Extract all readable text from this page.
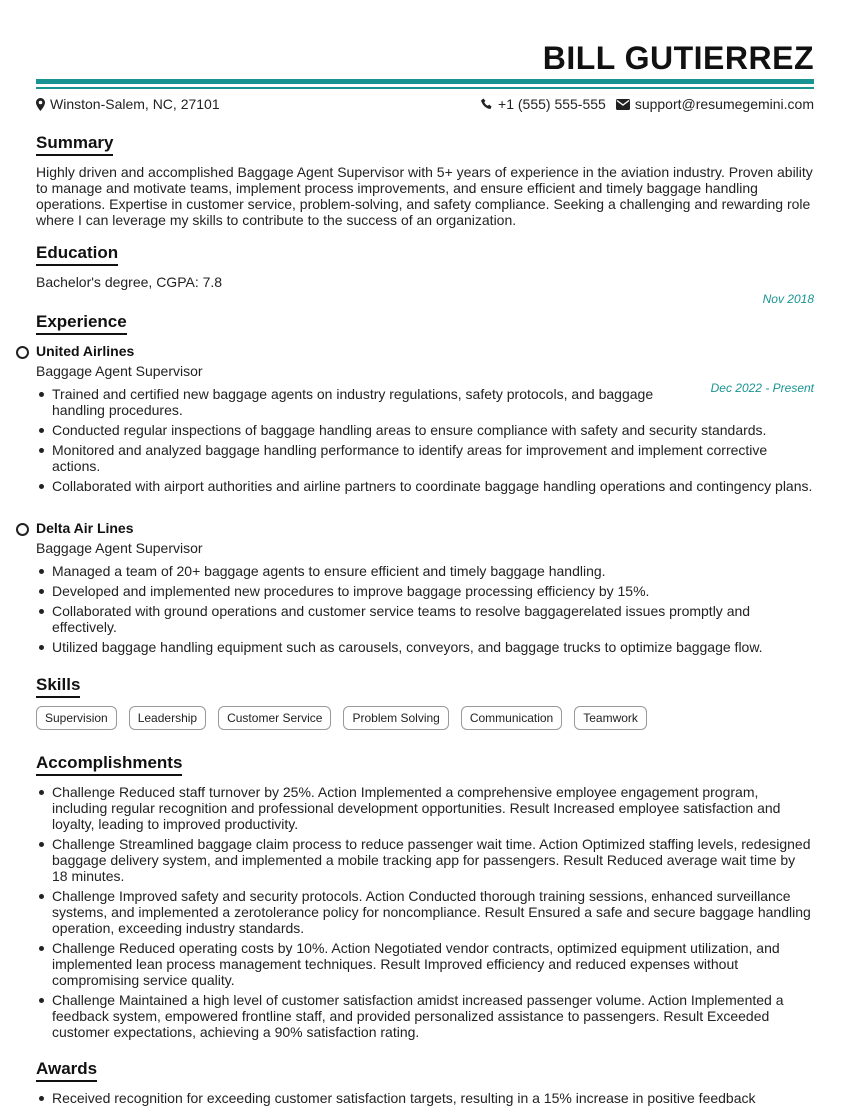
BILL GUTIERREZ
Winston-Salem, NC, 27101	+1 (555) 555-555 support@resumegemini.com
Summary
Highly driven and accomplished Baggage Agent Supervisor with 5+ years of experience in the aviation industry. Proven ability to manage and motivate teams, implement process improvements, and ensure efficient and timely baggage handling operations. Expertise in customer service, problem-solving, and safety compliance. Seeking a challenging and rewarding role where I can leverage my skills to contribute to the success of an organization.
Education
Bachelor's degree, CGPA: 7.8
Nov 2018
Experience
United Airlines
Baggage Agent Supervisor
Dec 2022 - Present
Trained and certified new baggage agents on industry regulations, safety protocols, and baggage handling procedures.
Conducted regular inspections of baggage handling areas to ensure compliance with safety and security standards.
Monitored and analyzed baggage handling performance to identify areas for improvement and implement corrective actions.
Collaborated with airport authorities and airline partners to coordinate baggage handling operations and contingency plans.
Delta Air Lines
Baggage Agent Supervisor
Managed a team of 20+ baggage agents to ensure efficient and timely baggage handling.
Developed and implemented new procedures to improve baggage processing efficiency by 15%.
Collaborated with ground operations and customer service teams to resolve baggagerelated issues promptly and effectively.
Utilized baggage handling equipment such as carousels, conveyors, and baggage trucks to optimize baggage flow.
Skills
Supervision	Leadership	Customer Service	Problem Solving	Communication	Teamwork
Accomplishments
Challenge Reduced staff turnover by 25%. Action Implemented a comprehensive employee engagement program, including regular recognition and professional development opportunities. Result Increased employee satisfaction and loyalty, leading to improved productivity.
Challenge Streamlined baggage claim process to reduce passenger wait time. Action Optimized staffing levels, redesigned baggage delivery system, and implemented a mobile tracking app for passengers. Result Reduced average wait time by 18 minutes.
Challenge Improved safety and security protocols. Action Conducted thorough training sessions, enhanced surveillance systems, and implemented a zerotolerance policy for noncompliance. Result Ensured a safe and secure baggage handling operation, exceeding industry standards.
Challenge Reduced operating costs by 10%. Action Negotiated vendor contracts, optimized equipment utilization, and implemented lean process management techniques. Result Improved efficiency and reduced expenses without compromising service quality.
Challenge Maintained a high level of customer satisfaction amidst increased passenger volume. Action Implemented a feedback system, empowered frontline staff, and provided personalized assistance to passengers. Result Exceeded customer expectations, achieving a 90% satisfaction rating.
Awards
Received recognition for exceeding customer satisfaction targets, resulting in a 15% increase in positive feedback
